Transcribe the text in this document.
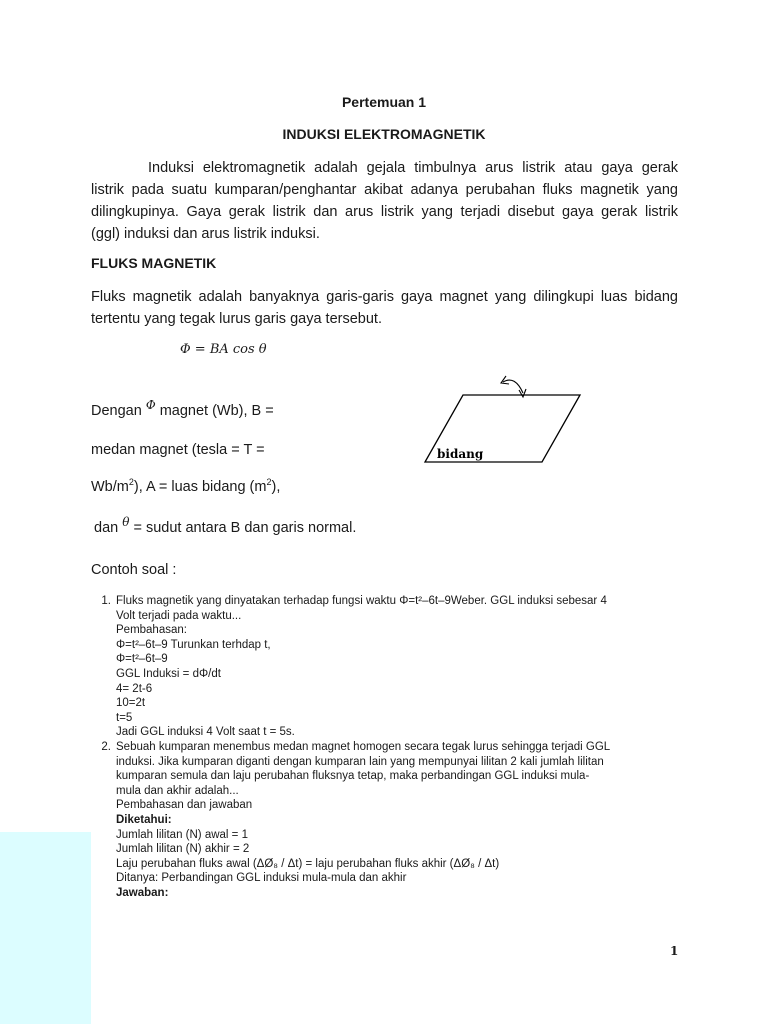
Pertemuan 1
INDUKSI ELEKTROMAGNETIK
Induksi elektromagnetik adalah gejala timbulnya arus listrik atau gaya gerak
listrik pada suatu kumparan/penghantar akibat adanya perubahan fluks magnetik yang
dilingkupinya. Gaya gerak listrik dan arus listrik yang terjadi disebut gaya gerak listrik
(ggl) induksi dan arus listrik induksi.
FLUKS MAGNETIK
Fluks magnetik adalah banyaknya garis-garis gaya magnet yang dilingkupi luas bidang
tertentu yang tegak lurus garis gaya tersebut.
Φ = BA cos θ
Dengan $^\Phi$ magnet (Wb), B =
medan magnet (tesla = T =
$Wb/m^2$), A = luas bidang $(m^2)$,
dan $^\theta$ = sudut antara B dan garis normal.
bidang
Contoh soal :
1. Fluks magnetik yang dinyatakan terhadap fungsi waktu Φ=t²–6t–9Weber. GGL induksi sebesar 4
Volt terjadi pada waktu...
Pembahasan:
Φ=t²–6t–9 Turunkan terhdap t,
Φ=t²–6t–9
GGL Induksi = dΦ/dt
4= 2t-6
10=2t
t=5
Jadi GGL induksi 4 Volt saat t = 5s.
2. Sebuah kumparan menembus medan magnet homogen secara tegak lurus sehingga terjadi GGL
induksi. Jika kumparan diganti dengan kumparan lain yang mempunyai lilitan 2 kali jumlah lilitan
kumparan semula dan laju perubahan fluksnya tetap, maka perbandingan GGL induksi mula-
mula dan akhir adalah...
Pembahasan dan jawaban
Diketahui:
Jumlah lilitan (N) awal = 1
Jumlah lilitan (N) akhir = 2
Laju perubahan fluks awal (ΔØ₈ / Δt) = laju perubahan fluks akhir (ΔØ₈ / Δt)
Ditanya: Perbandingan GGL induksi mula-mula dan akhir
Jawaban:
1
